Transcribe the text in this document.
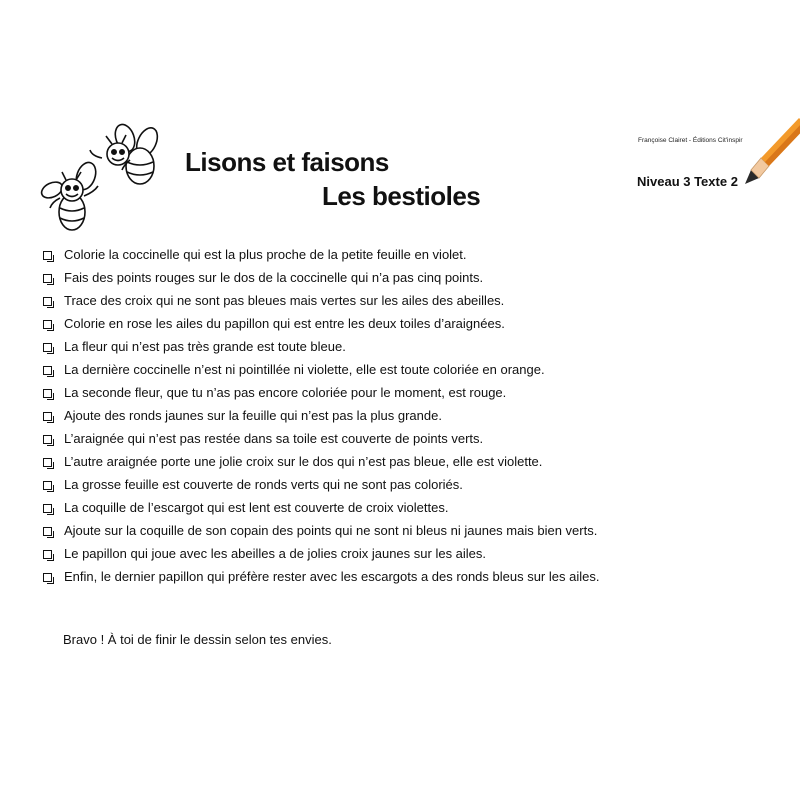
Lisons et faisons
Les bestioles
Françoise Clairet - Éditions Cit'inspir
Niveau 3 Texte 2
Colorie la coccinelle qui est la plus proche de la petite feuille en violet.
Fais des points rouges sur le dos de la coccinelle qui n’a pas cinq points.
Trace des croix qui ne sont pas bleues mais vertes sur les ailes des abeilles.
Colorie en rose les ailes du papillon qui est entre les deux toiles d’araignées.
La fleur qui n’est pas très grande est toute bleue.
La dernière coccinelle n’est ni pointillée ni violette, elle est toute coloriée en orange.
La seconde fleur, que tu n’as pas encore coloriée pour le moment, est rouge.
Ajoute des ronds jaunes sur la feuille qui n’est pas la plus grande.
L’araignée qui n’est pas restée dans sa toile est couverte de points verts.
L’autre araignée porte une jolie croix sur le dos qui n’est pas bleue, elle est violette.
La grosse feuille est couverte de ronds verts qui ne sont pas coloriés.
La coquille de l’escargot qui est lent est couverte de croix violettes.
Ajoute sur la coquille de son copain des points qui ne sont ni bleus ni jaunes mais bien verts.
Le papillon qui joue avec les abeilles a de jolies croix jaunes sur les ailes.
Enfin, le dernier papillon qui préfère rester avec les escargots a des ronds bleus sur les ailes.
Bravo ! À toi de finir le dessin selon tes envies.
